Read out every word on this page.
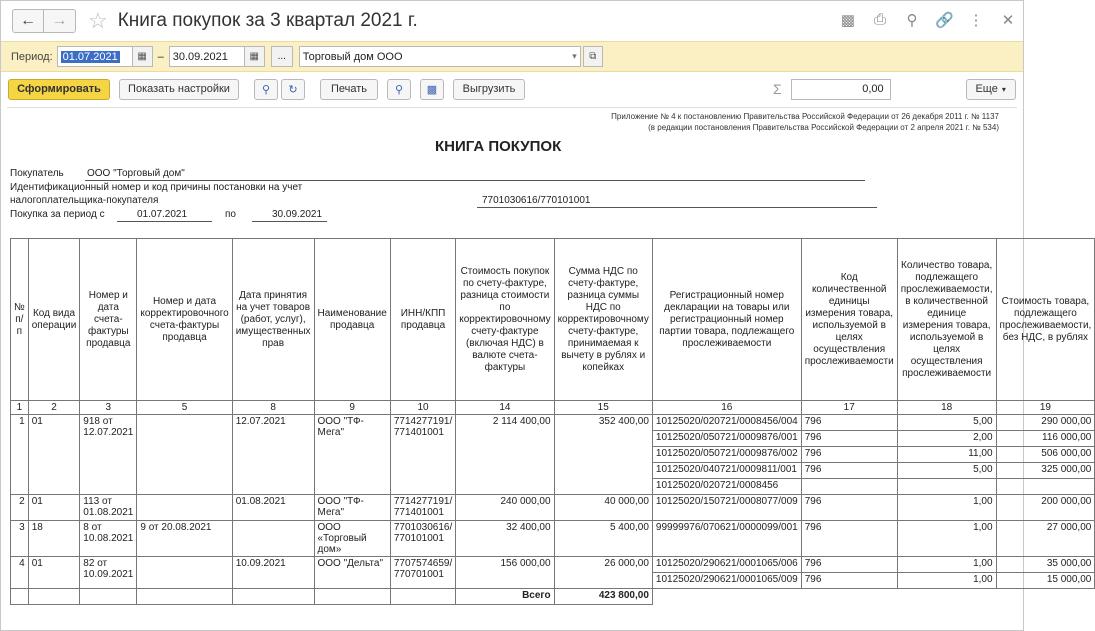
← → ☆ Книга покупок за 3 квартал 2021 г.	▩ ⎙ ⚲ 🔗 ⋮ ✕
Период: 01.07.2021 ▦ – 30.09.2021 ▦ ... Торговый дом ООО	▾ ⧉
Сформировать	Показать настройки	⚲ ↻	Печать	⚲ ▩	Выгрузить	Σ	0,00	Еще ▾
Приложение № 4 к постановлению Правительства Российской Федерации от 26 декабря 2011 г. № 1137
(в редакции постановления Правительства Российской Федерации от 2 апреля 2021 г. № 534)
КНИГА ПОКУПОК
Покупатель ООО "Торговый дом"
Идентификационный номер и код причины постановки на учет
налогоплательщика-покупателя	7701030616/770101001
Покупка за период с	01.07.2021	по	30.09.2021
№ п/п	Код вида операции	Номер и дата счета-фактуры продавца	Номер и дата корректировочного счета-фактуры продавца	Дата принятия на учет товаров (работ, услуг), имущественных прав	Наименование продавца	ИНН/КПП продавца	Стоимость покупок по счету-фактуре, разница стоимости по корректировочному счету-фактуре (включая НДС) в валюте счета-фактуры	Сумма НДС по счету-фактуре, разница суммы НДС по корректировочному счету-фактуре, принимаемая к вычету в рублях и копейках	Регистрационный номер декларации на товары или регистрационный номер партии товара, подлежащего прослеживаемости	Код количественной единицы измерения товара, используемой в целях осуществления прослеживаемости	Количество товара, подлежащего прослеживаемости, в количественной единице измерения товара, используемой в целях осуществления прослеживаемости	Стоимость товара, подлежащего прослеживаемости, без НДС, в рублях
1	2	3	5	8	9	10	14	15	16	17	18	19
1	01	918 от 12.07.2021		12.07.2021	ООО "ТФ-Мега"	7714277191/ 771401001	2 114 400,00	352 400,00	10125020/020721/0008456/004	796	5,00	290 000,00
									10125020/050721/0009876/001	796	2,00	116 000,00
									10125020/050721/0009876/002	796	11,00	506 000,00
									10125020/040721/0009811/001	796	5,00	325 000,00
									10125020/020721/0008456			
2	01	113 от 01.08.2021		01.08.2021	ООО "ТФ-Мега"	7714277191/ 771401001	240 000,00	40 000,00	10125020/150721/0008077/009	796	1,00	200 000,00
3	18	8 от 10.08.2021	9 от 20.08.2021		ООО «Торговый дом»	7701030616/ 770101001	32 400,00	5 400,00	99999976/070621/0000099/001	796	1,00	27 000,00
4	01	82 от 10.09.2021		10.09.2021	ООО "Дельта"	7707574659/ 770701001	156 000,00	26 000,00	10125020/290621/0001065/006	796	1,00	35 000,00
									10125020/290621/0001065/009	796	1,00	15 000,00
							Всего	423 800,00				
